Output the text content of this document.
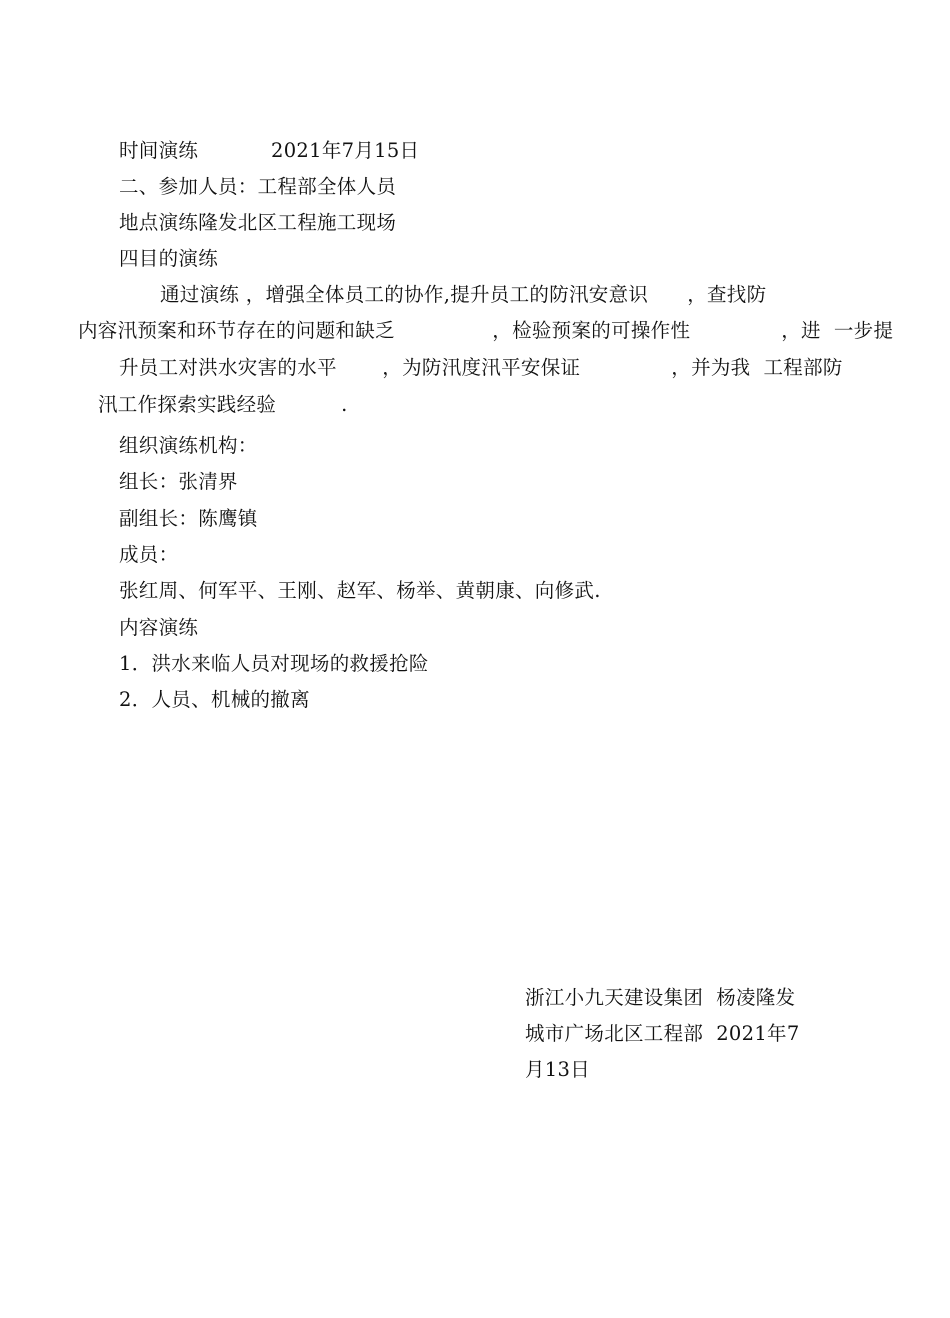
时间演练	2021年7月15日
二、参加人员：工程部全体人员
地点演练隆发北区工程施工现场
四目的演练
通过演练 ，增强全体员工的协作,提升员工的防汛安意识      ，查找防
内容汛预案和环节存在的问题和缺乏               ，检验预案的可操作性              ，进  一步提
升员工对洪水灾害的水平       ，为防汛度汛平安保证              ，并为我  工程部防
汛工作探索实践经验          .
组织演练机构：
组长：张清界
副组长：陈鹰镇
成员：
张红周、何军平、王刚、赵军、杨举、黄朝康、向修武.
内容演练
1．洪水来临人员对现场的救援抢险
2．人员、机械的撤离
浙江小九天建设集团  杨凌隆发
城市广场北区工程部  2021年7
月13日
